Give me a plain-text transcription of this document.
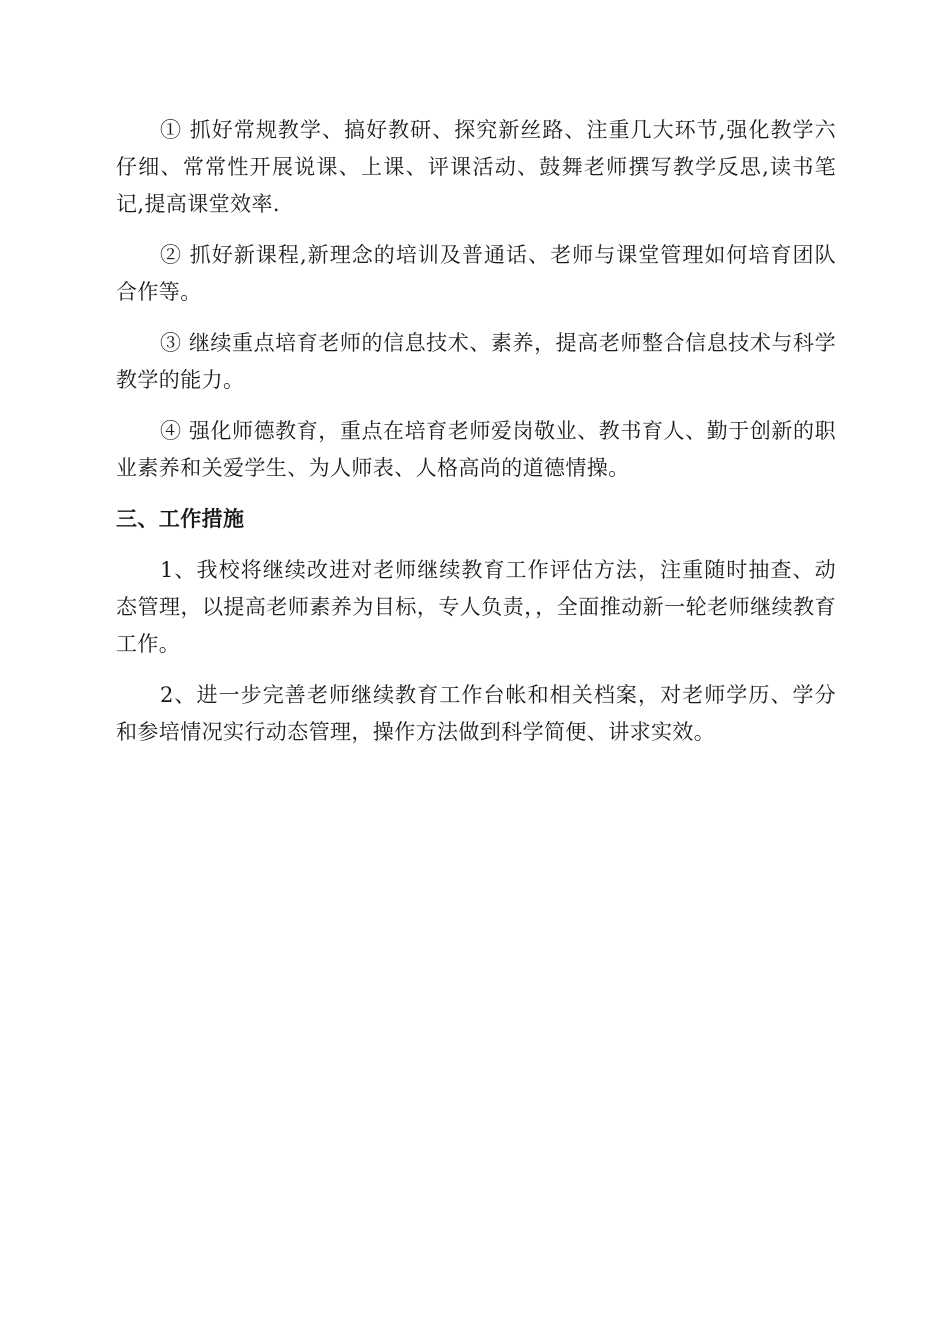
① 抓好常规教学、搞好教研、探究新丝路、注重几大环节,强化教学六仔细、常常性开展说课、上课、评课活动、鼓舞老师撰写教学反思,读书笔记,提高课堂效率.

② 抓好新课程,新理念的培训及普通话、老师与课堂管理如何培育团队合作等。

③ 继续重点培育老师的信息技术、素养，提高老师整合信息技术与科学教学的能力。

④ 强化师德教育，重点在培育老师爱岗敬业、教书育人、勤于创新的职业素养和关爱学生、为人师表、人格高尚的道德情操。

三、工作措施

1、我校将继续改进对老师继续教育工作评估方法，注重随时抽查、动态管理，以提高老师素养为目标，专人负责，，全面推动新一轮老师继续教育工作。

2、进一步完善老师继续教育工作台帐和相关档案，对老师学历、学分和参培情况实行动态管理，操作方法做到科学简便、讲求实效。
